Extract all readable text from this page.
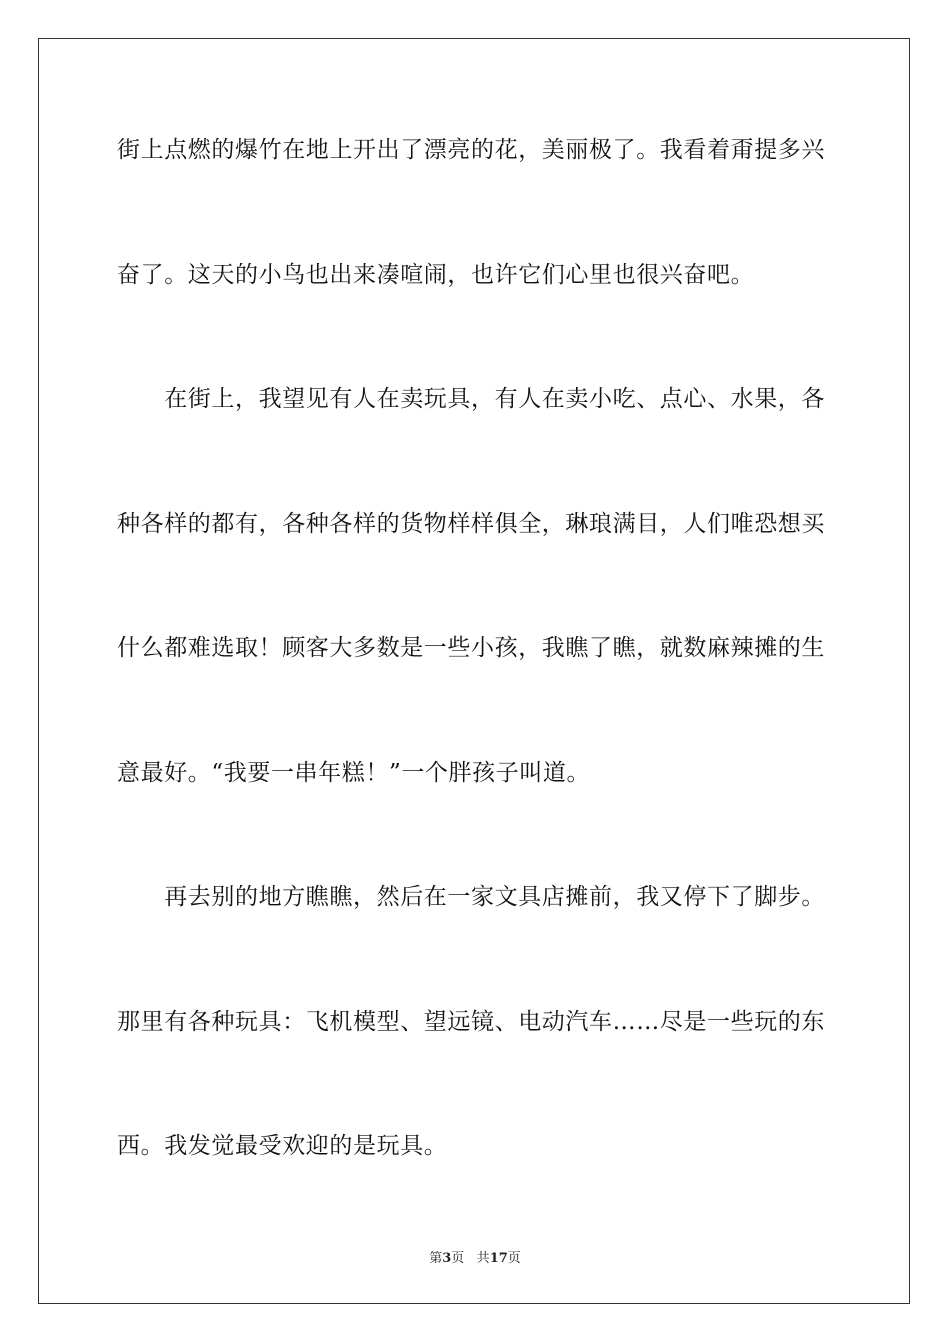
街上点燃的爆竹在地上开出了漂亮的花，美丽极了。我看着甭提多兴
奋了。这天的小鸟也出来凑喧闹，也许它们心里也很兴奋吧。
　　在街上，我望见有人在卖玩具，有人在卖小吃、点心、水果，各
种各样的都有，各种各样的货物样样俱全，琳琅满目，人们唯恐想买
什么都难选取！顾客大多数是一些小孩，我瞧了瞧，就数麻辣摊的生
意最好。“我要一串年糕！”一个胖孩子叫道。
　　再去别的地方瞧瞧，然后在一家文具店摊前，我又停下了脚步。
那里有各种玩具：飞机模型、望远镜、电动汽车……尽是一些玩的东
西。我发觉最受欢迎的是玩具。
第3页 共17页
